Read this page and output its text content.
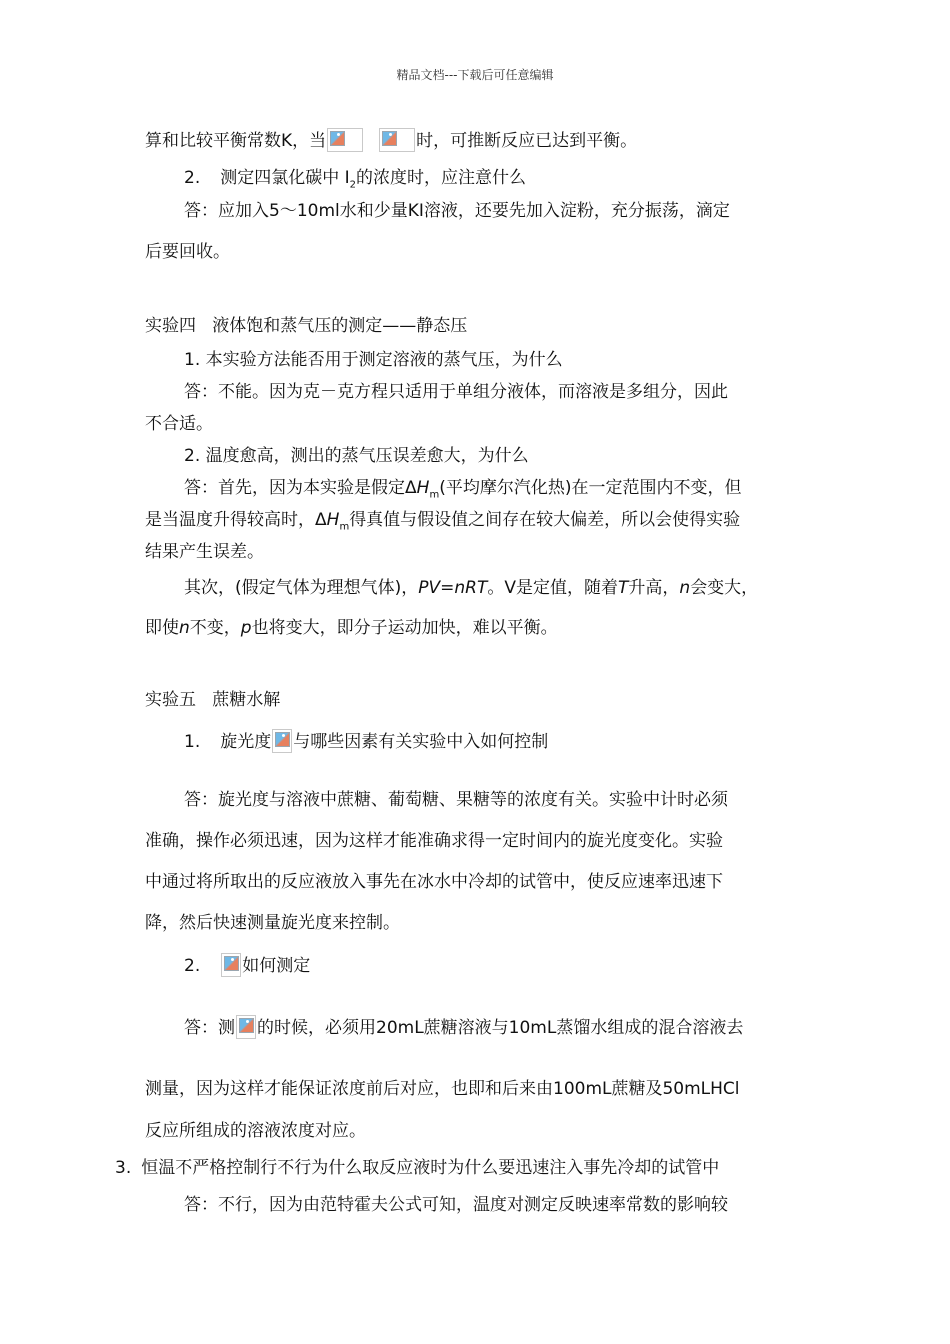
精品文档---下载后可任意编辑
算和比较平衡常数K，当	时，可推断反应已达到平衡。
2. 测定四氯化碳中 $I_2$的浓度时，应注意什么
答：应加入5～10ml水和少量KI溶液，还要先加入淀粉，充分振荡，滴定
后要回收。
实验四   液体饱和蒸气压的测定——静态压
1. 本实验方法能否用于测定溶液的蒸气压，为什么
答：不能。因为克－克方程只适用于单组分液体，而溶液是多组分，因此
不合适。
2. 温度愈高，测出的蒸气压误差愈大，为什么
答：首先，因为本实验是假定$\Delta H_m$(平均摩尔汽化热)在一定范围内不变，但
是当温度升得较高时，$\Delta H_m$得真值与假设值之间存在较大偏差，所以会使得实验
结果产生误差。
其次，(假定气体为理想气体)，PV=nRT。V是定值，随着T升高，n会变大，
即使n不变，p也将变大，即分子运动加快，难以平衡。
实验五   蔗糖水解
1. 旋光度 与哪些因素有关实验中入如何控制
答：旋光度与溶液中蔗糖、葡萄糖、果糖等的浓度有关。实验中计时必须
准确，操作必须迅速，因为这样才能准确求得一定时间内的旋光度变化。实验
中通过将所取出的反应液放入事先在冰水中冷却的试管中，使反应速率迅速下
降，然后快速测量旋光度来控制。
2. 如何测定
答：测 的时候，必须用20mL蔗糖溶液与10mL蒸馏水组成的混合溶液去
测量，因为这样才能保证浓度前后对应，也即和后来由100mL蔗糖及50mLHCl
反应所组成的溶液浓度对应。
3. 恒温不严格控制行不行为什么取反应液时为什么要迅速注入事先冷却的试管中
答：不行，因为由范特霍夫公式可知，温度对测定反映速率常数的影响较
